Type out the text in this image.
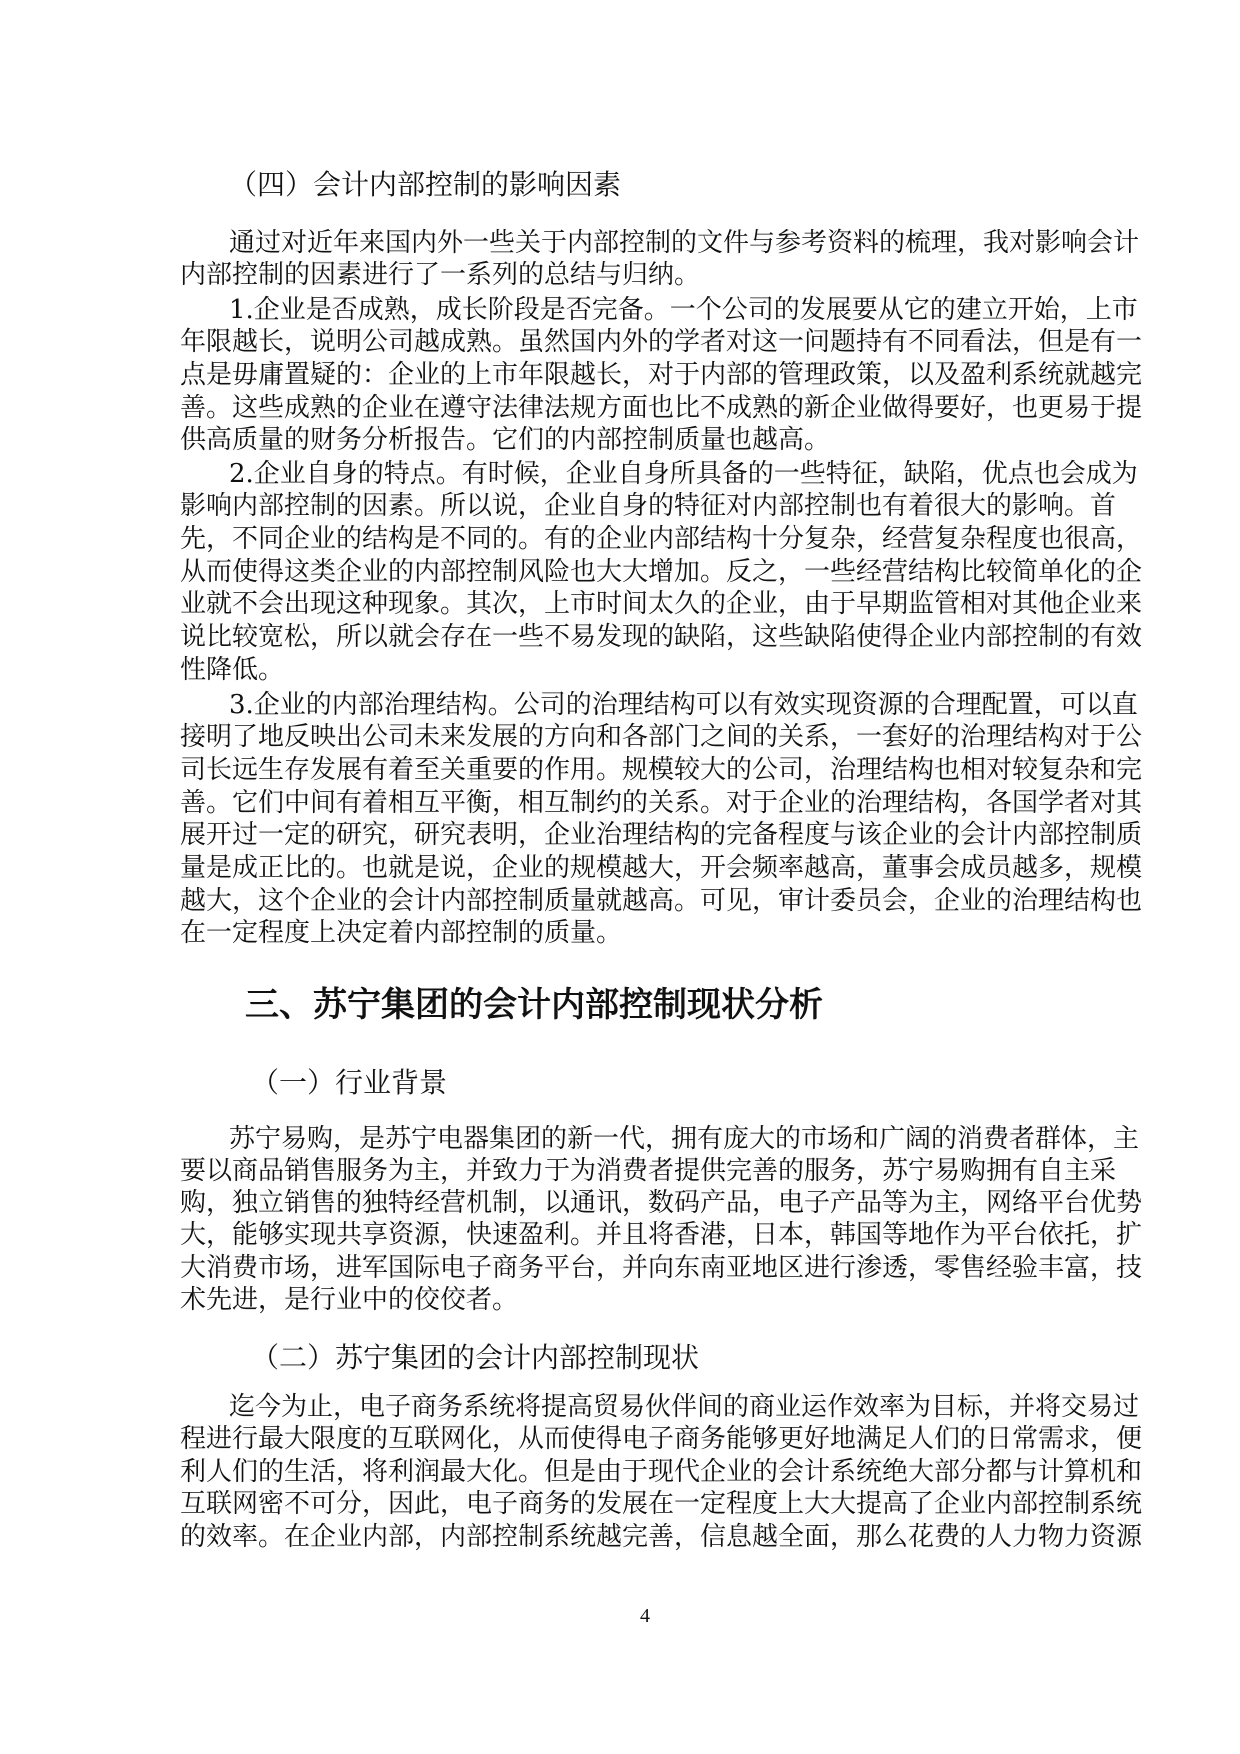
（四）会计内部控制的影响因素
三、苏宁集团的会计内部控制现状分析
（一）行业背景
（二）苏宁集团的会计内部控制现状
通过对近年来国内外一些关于内部控制的文件与参考资料的梳理，我对影响会计
内部控制的因素进行了一系列的总结与归纳。
1.企业是否成熟，成长阶段是否完备。一个公司的发展要从它的建立开始，上市
年限越长，说明公司越成熟。虽然国内外的学者对这一问题持有不同看法，但是有一
点是毋庸置疑的：企业的上市年限越长，对于内部的管理政策，以及盈利系统就越完
善。这些成熟的企业在遵守法律法规方面也比不成熟的新企业做得要好，也更易于提
供高质量的财务分析报告。它们的内部控制质量也越高。
2.企业自身的特点。有时候，企业自身所具备的一些特征，缺陷，优点也会成为
影响内部控制的因素。所以说，企业自身的特征对内部控制也有着很大的影响。首
先，不同企业的结构是不同的。有的企业内部结构十分复杂，经营复杂程度也很高，
从而使得这类企业的内部控制风险也大大增加。反之，一些经营结构比较简单化的企
业就不会出现这种现象。其次，上市时间太久的企业，由于早期监管相对其他企业来
说比较宽松，所以就会存在一些不易发现的缺陷，这些缺陷使得企业内部控制的有效
性降低。
3.企业的内部治理结构。公司的治理结构可以有效实现资源的合理配置，可以直
接明了地反映出公司未来发展的方向和各部门之间的关系，一套好的治理结构对于公
司长远生存发展有着至关重要的作用。规模较大的公司，治理结构也相对较复杂和完
善。它们中间有着相互平衡，相互制约的关系。对于企业的治理结构，各国学者对其
展开过一定的研究，研究表明，企业治理结构的完备程度与该企业的会计内部控制质
量是成正比的。也就是说，企业的规模越大，开会频率越高，董事会成员越多，规模
越大，这个企业的会计内部控制质量就越高。可见，审计委员会，企业的治理结构也
在一定程度上决定着内部控制的质量。
苏宁易购，是苏宁电器集团的新一代，拥有庞大的市场和广阔的消费者群体，主
要以商品销售服务为主，并致力于为消费者提供完善的服务，苏宁易购拥有自主采
购，独立销售的独特经营机制，以通讯，数码产品，电子产品等为主，网络平台优势
大，能够实现共享资源，快速盈利。并且将香港，日本，韩国等地作为平台依托，扩
大消费市场，进军国际电子商务平台，并向东南亚地区进行渗透，零售经验丰富，技
术先进，是行业中的佼佼者。
迄今为止，电子商务系统将提高贸易伙伴间的商业运作效率为目标，并将交易过
程进行最大限度的互联网化，从而使得电子商务能够更好地满足人们的日常需求，便
利人们的生活，将利润最大化。但是由于现代企业的会计系统绝大部分都与计算机和
互联网密不可分，因此，电子商务的发展在一定程度上大大提高了企业内部控制系统
的效率。在企业内部，内部控制系统越完善，信息越全面，那么花费的人力物力资源
4
